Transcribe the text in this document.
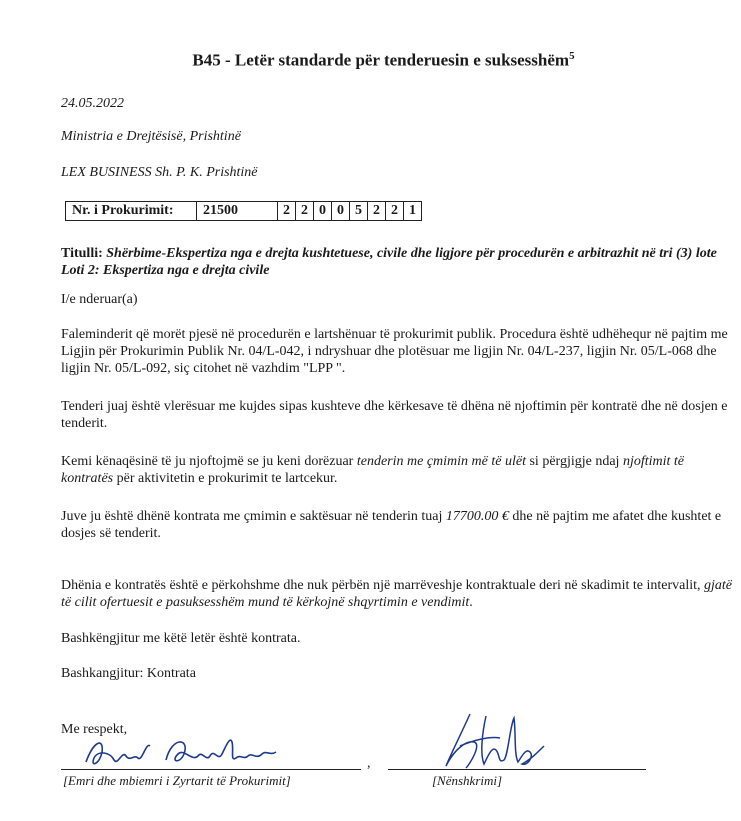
B45 - Letër standarde për tenderuesin e suksesshëm$^5$
24.05.2022
Ministria e Drejtësisë, Prishtinë
LEX BUSINESS Sh. P. K. Prishtinë
Nr. i Prokurimit:	21500	2	2	0	0	5	2	2	1
Titulli: Shërbime-Ekspertiza nga e drejta kushtetuese, civile dhe ligjore për procedurën e arbitrazhit në tri (3) lote Loti 2: Ekspertiza nga e drejta civile
I/e nderuar(a)
Faleminderit që morët pjesë në procedurën e lartshënuar të prokurimit publik. Procedura është udhëhequr në pajtim me Ligjin për Prokurimin Publik Nr. 04/L-042, i ndryshuar dhe plotësuar me ligjin Nr. 04/L-237, ligjin Nr. 05/L-068 dhe ligjin Nr. 05/L-092, siç citohet në vazhdim "LPP ".
Tenderi juaj është vlerësuar me kujdes sipas kushteve dhe kërkesave të dhëna në njoftimin për kontratë dhe në dosjen e tenderit.
Kemi kënaqësinë të ju njoftojmë se ju keni dorëzuar tenderin me çmimin më të ulët si përgjigje ndaj njoftimit të kontratës për aktivitetin e prokurimit te lartcekur.
Juve ju është dhënë kontrata me çmimin e saktësuar në tenderin tuaj 17700.00 € dhe në pajtim me afatet dhe kushtet e dosjes së tenderit.
Dhënia e kontratës është e përkohshme dhe nuk përbën një marrëveshje kontraktuale deri në skadimit te intervalit, gjatë të cilit ofertuesit e pasuksesshëm mund të kërkojnë shqyrtimin e vendimit.
Bashkëngjitur me këtë letër është kontrata.
Bashkangjitur: Kontrata
Me respekt,
,
[Emri dhe mbiemri i Zyrtarit të Prokurimit]	[Nënshkrimi]
